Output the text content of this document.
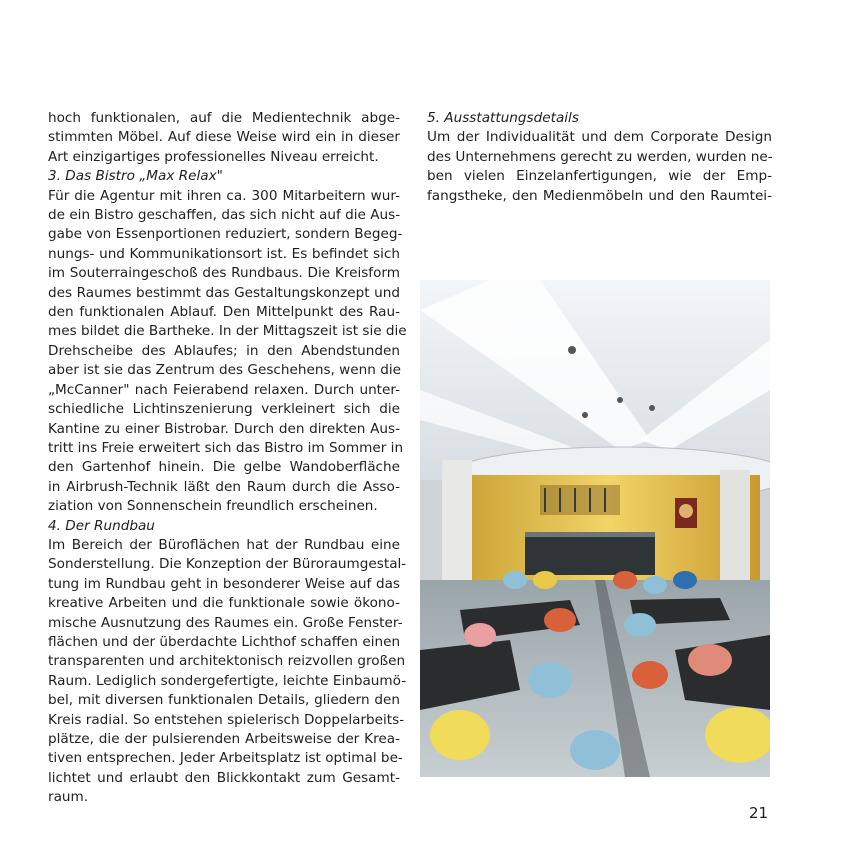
hoch funktionalen, auf die Medientechnik abge-
stimmten Möbel. Auf diese Weise wird ein in dieser
Art einzigartiges professionelles Niveau erreicht.
3. Das Bistro „Max Relax"
Für die Agentur mit ihren ca. 300 Mitarbeitern wur-
de ein Bistro geschaffen, das sich nicht auf die Aus-
gabe von Essenportionen reduziert, sondern Begeg-
nungs- und Kommunikationsort ist. Es befindet sich
im Souterraingeschoß des Rundbaus. Die Kreisform
des Raumes bestimmt das Gestaltungskonzept und
den funktionalen Ablauf. Den Mittelpunkt des Rau-
mes bildet die Bartheke. In der Mittagszeit ist sie die
Drehscheibe des Ablaufes; in den Abendstunden
aber ist sie das Zentrum des Geschehens, wenn die
„McCanner" nach Feierabend relaxen. Durch unter-
schiedliche Lichtinszenierung verkleinert sich die
Kantine zu einer Bistrobar. Durch den direkten Aus-
tritt ins Freie erweitert sich das Bistro im Sommer in
den Gartenhof hinein. Die gelbe Wandoberfläche
in Airbrush-Technik läßt den Raum durch die Asso-
ziation von Sonnenschein freundlich erscheinen.
4. Der Rundbau
Im Bereich der Büroflächen hat der Rundbau eine
Sonderstellung. Die Konzeption der Büroraumgestal-
tung im Rundbau geht in besonderer Weise auf das
kreative Arbeiten und die funktionale sowie ökono-
mische Ausnutzung des Raumes ein. Große Fenster-
flächen und der überdachte Lichthof schaffen einen
transparenten und architektonisch reizvollen großen
Raum. Lediglich sondergefertigte, leichte Einbaumö-
bel, mit diversen funktionalen Details, gliedern den
Kreis radial. So entstehen spielerisch Doppelarbeits-
plätze, die der pulsierenden Arbeitsweise der Krea-
tiven entsprechen. Jeder Arbeitsplatz ist optimal be-
lichtet und erlaubt den Blickkontakt zum Gesamt-
raum.
5. Ausstattungsdetails
Um der Individualität und dem Corporate Design
des Unternehmens gerecht zu werden, wurden ne-
ben vielen Einzelanfertigungen, wie der Emp-
fangstheke, den Medienmöbeln und den Raumtei-
21
